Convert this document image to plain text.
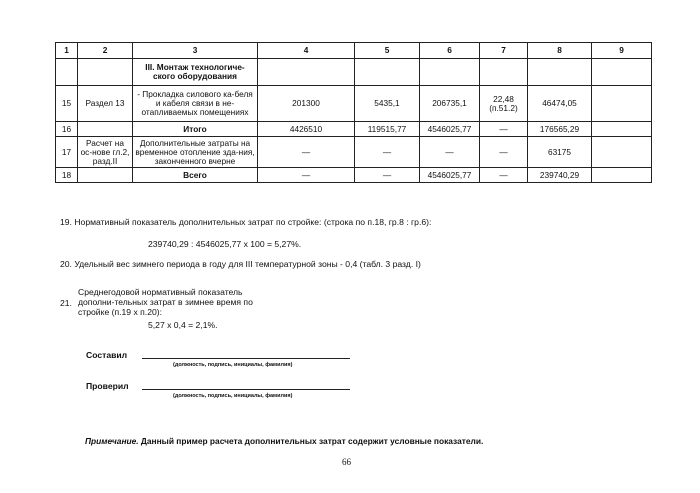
1	2	3	4	5	6	7	8	9
		III. Монтаж технологиче-ского оборудования						
15	Раздел 13	- Прокладка силового ка-беля и кабеля связи в не-отапливаемых помещениях	201300	5435,1	206735,1	22,48 (п.51.2)	46474,05	
16		Итого	4426510	119515,77	4546025,77	—	176565,29	
17	Расчет на ос-нове гл.2, разд.II	Дополнительные затраты на временное отопление зда-ния, законченного вчерне	—	—	—	—	63175	
18		Всего	—	—	4546025,77	—	239740,29	
19. Нормативный показатель дополнительных затрат по стройке: (строка по п.18, гр.8 : гр.6):
239740,29 : 4546025,77 х 100 = 5,27%.
20. Удельный вес зимнего периода в году для III температурной зоны - 0,4 (табл. 3 разд. I)
21.
Среднегодовой нормативный показатель дополни-тельных затрат в зимнее время по стройке (п.19 х п.20):
5,27 х 0,4 = 2,1%.
Составил
(должность, подпись, инициалы, фамилия)
Проверил
(должность, подпись, инициалы, фамилия)
Примечание. Данный пример расчета дополнительных затрат содержит условные показатели.
66
